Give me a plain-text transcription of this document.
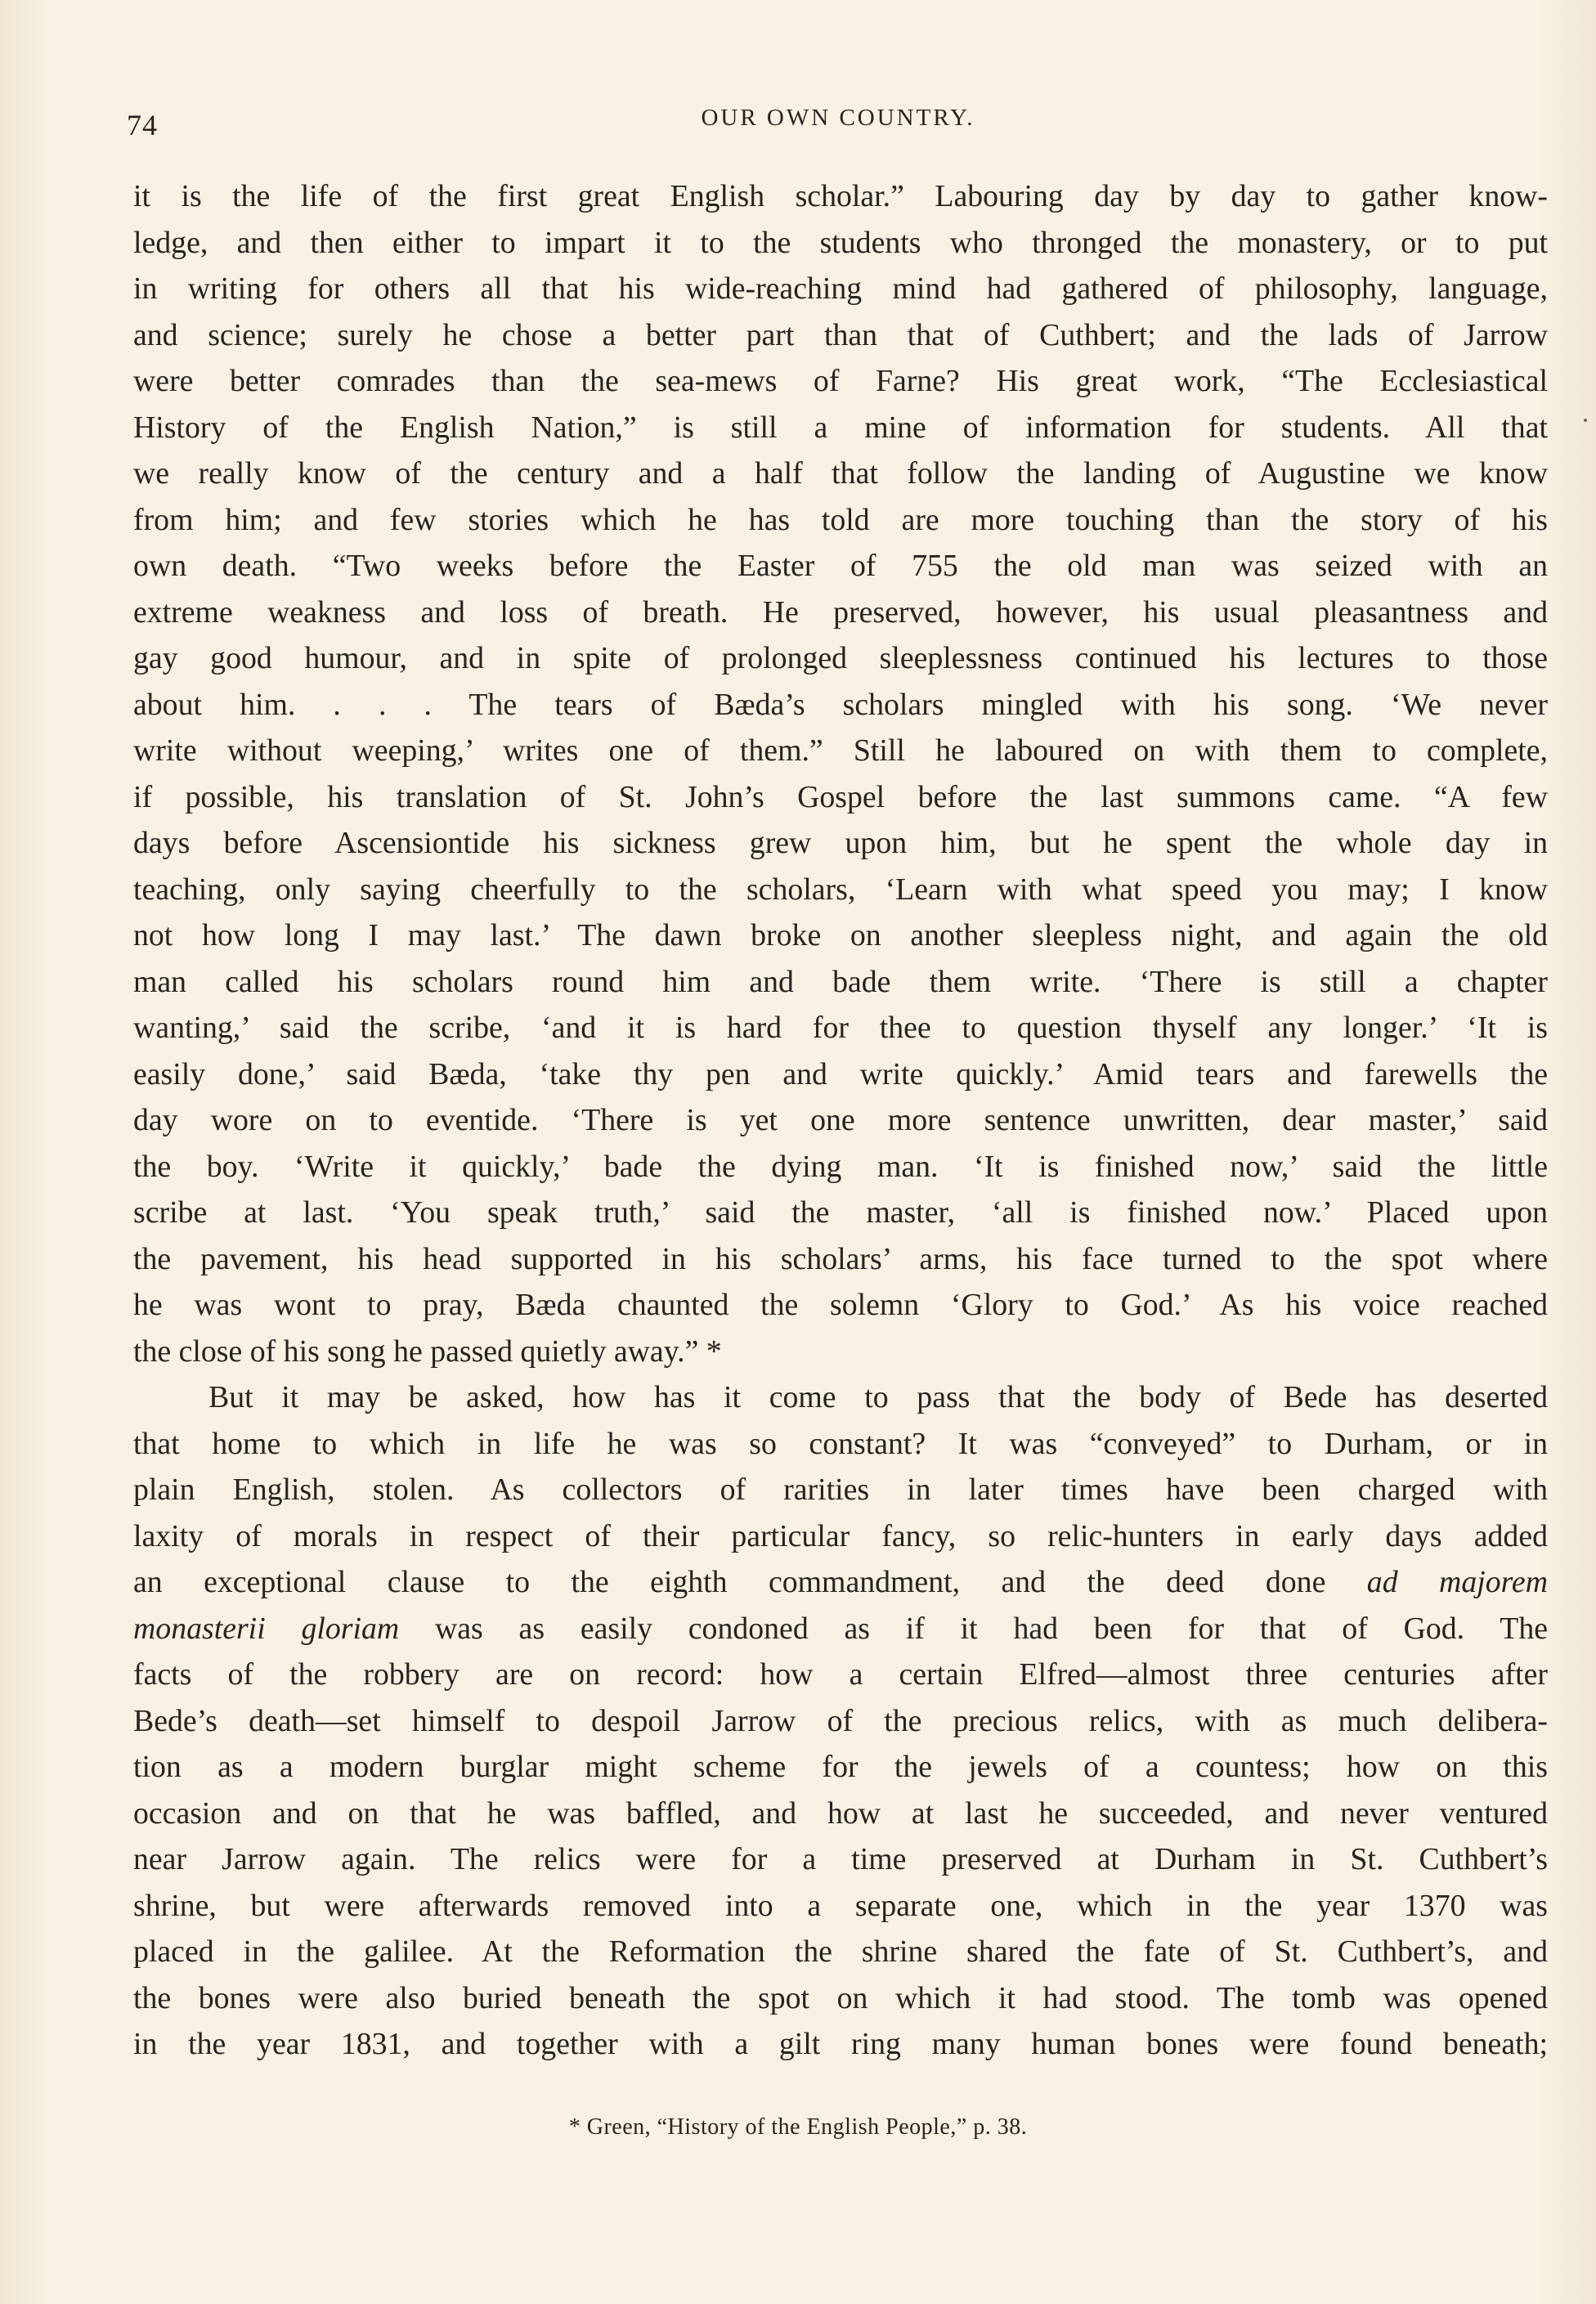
74	OUR OWN COUNTRY.
it is the life of the first great English scholar.” Labouring day by day to gather know-
ledge, and then either to impart it to the students who thronged the monastery, or to put
in writing for others all that his wide-reaching mind had gathered of philosophy, language,
and science; surely he chose a better part than that of Cuthbert; and the lads of Jarrow
were better comrades than the sea-mews of Farne? His great work, “The Ecclesiastical
History of the English Nation,” is still a mine of information for students. All that
we really know of the century and a half that follow the landing of Augustine we know
from him; and few stories which he has told are more touching than the story of his
own death. “Two weeks before the Easter of 755 the old man was seized with an
extreme weakness and loss of breath. He preserved, however, his usual pleasantness and
gay good humour, and in spite of prolonged sleeplessness continued his lectures to those
about him. . . . The tears of Bæda’s scholars mingled with his song. ‘We never
write without weeping,’ writes one of them.” Still he laboured on with them to complete,
if possible, his translation of St. John’s Gospel before the last summons came. “A few
days before Ascensiontide his sickness grew upon him, but he spent the whole day in
teaching, only saying cheerfully to the scholars, ‘Learn with what speed you may; I know
not how long I may last.’ The dawn broke on another sleepless night, and again the old
man called his scholars round him and bade them write. ‘There is still a chapter
wanting,’ said the scribe, ‘and it is hard for thee to question thyself any longer.’ ‘It is
easily done,’ said Bæda, ‘take thy pen and write quickly.’ Amid tears and farewells the
day wore on to eventide. ‘There is yet one more sentence unwritten, dear master,’ said
the boy. ‘Write it quickly,’ bade the dying man. ‘It is finished now,’ said the little
scribe at last. ‘You speak truth,’ said the master, ‘all is finished now.’ Placed upon
the pavement, his head supported in his scholars’ arms, his face turned to the spot where
he was wont to pray, Bæda chaunted the solemn ‘Glory to God.’ As his voice reached
the close of his song he passed quietly away.” *
But it may be asked, how has it come to pass that the body of Bede has deserted
that home to which in life he was so constant? It was “conveyed” to Durham, or in
plain English, stolen. As collectors of rarities in later times have been charged with
laxity of morals in respect of their particular fancy, so relic-hunters in early days added
an exceptional clause to the eighth commandment, and the deed done ad majorem
monasterii gloriam was as easily condoned as if it had been for that of God. The
facts of the robbery are on record: how a certain Elfred—almost three centuries after
Bede’s death—set himself to despoil Jarrow of the precious relics, with as much delibera-
tion as a modern burglar might scheme for the jewels of a countess; how on this
occasion and on that he was baffled, and how at last he succeeded, and never ventured
near Jarrow again. The relics were for a time preserved at Durham in St. Cuthbert’s
shrine, but were afterwards removed into a separate one, which in the year 1370 was
placed in the galilee. At the Reformation the shrine shared the fate of St. Cuthbert’s, and
the bones were also buried beneath the spot on which it had stood. The tomb was opened
in the year 1831, and together with a gilt ring many human bones were found beneath;
* Green, “History of the English People,” p. 38.
